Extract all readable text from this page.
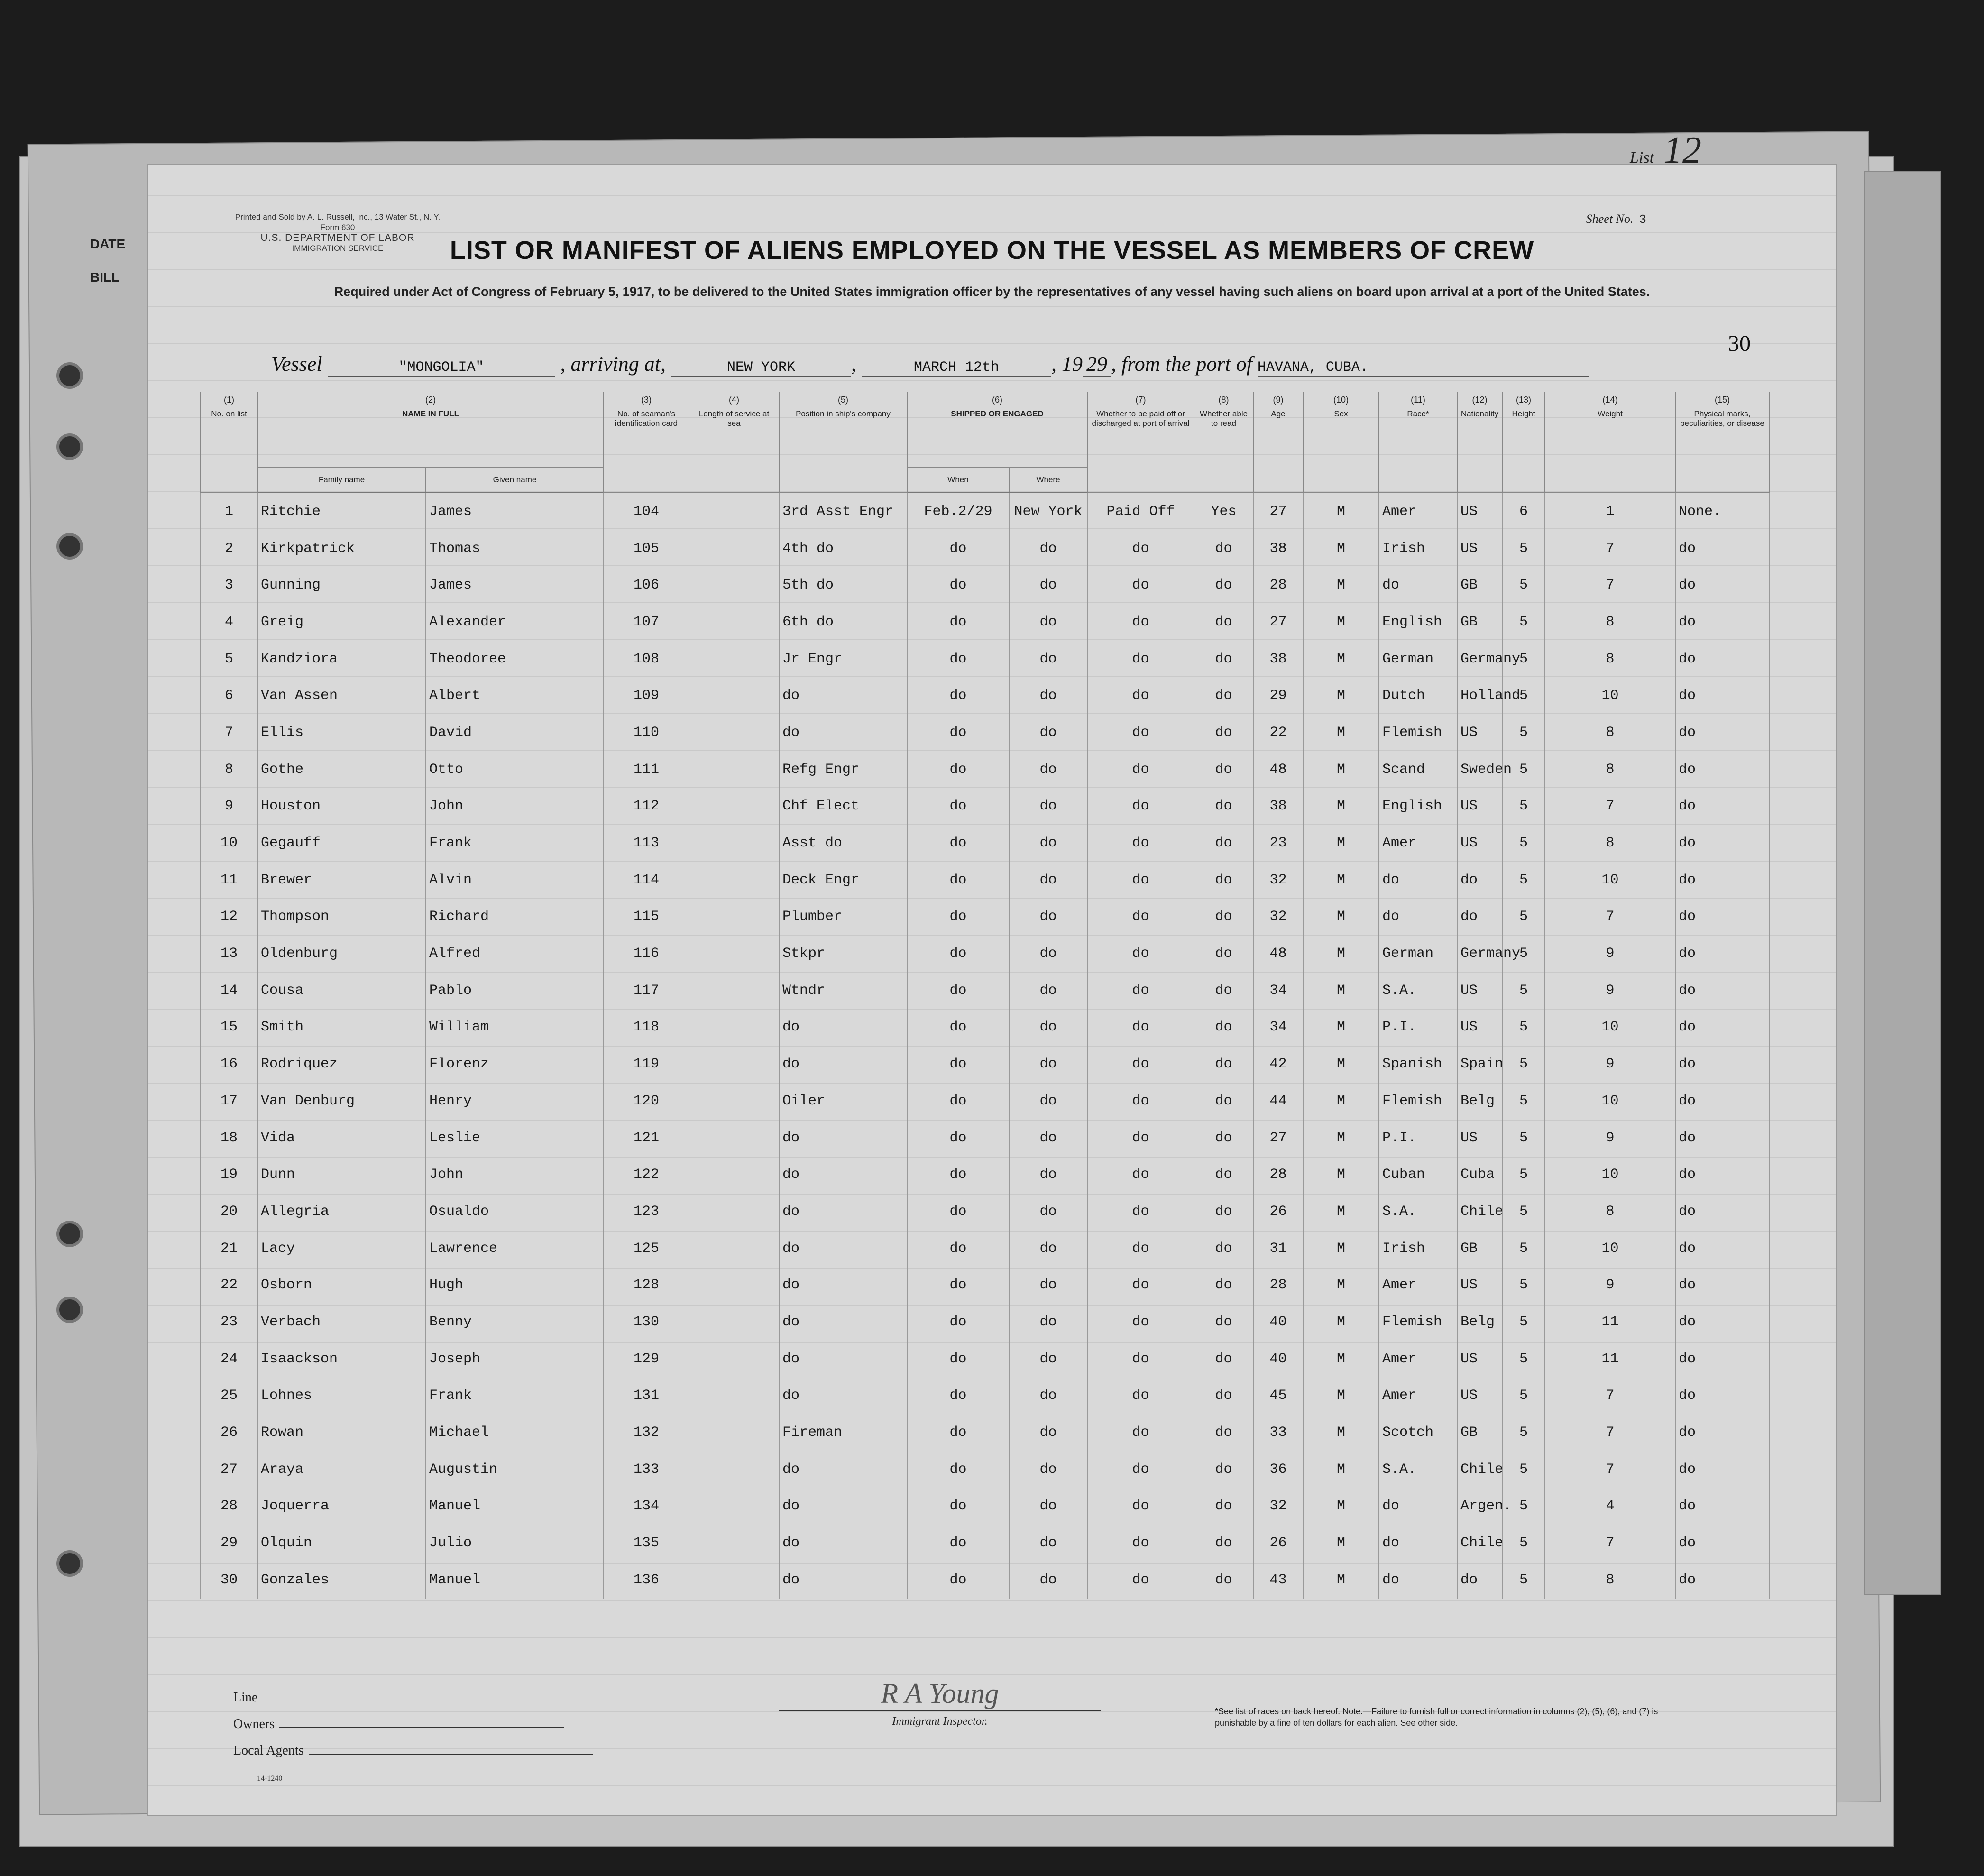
DATE
BILL
List 12
Printed and Sold by A. L. Russell, Inc., 13 Water St., N. Y.
Form 630
U.S. DEPARTMENT OF LABOR
IMMIGRATION SERVICE
Sheet No. 3
LIST OR MANIFEST OF ALIENS EMPLOYED ON THE VESSEL AS MEMBERS OF CREW
Required under Act of Congress of February 5, 1917, to be delivered to the United States immigration officer by the representatives of any vessel having such aliens on board upon arrival at a port of the United States.
30
Vessel	"MONGOLIA"	, arriving at,	NEW YORK	,	MARCH 12th , 19 29 , from the port of HAVANA, CUBA.
(1)
No. on list	(2)
NAME IN FULL		(3)
No. of seaman's identification card	(4)
Length of service at sea	(5)
Position in ship's company	(6)
SHIPPED OR ENGAGED		(7)
Whether to be paid off or discharged at port of arrival	(8)
Whether able to read	(9)
Age	(10)
Sex	(11)
Race*	(12)
Nationality	(13)
Height	(14)
Weight	(15)
Physical marks, peculiarities, or disease
	Family name	Given name				When	Where									
1	Ritchie	James	104		3rd Asst Engr	Feb.2/29	New York	Paid Off	Yes	27	M	Amer	US	6	1	None.
2	Kirkpatrick	Thomas	105		4th do	do	do	do	do	38	M	Irish	US	5	7	do
3	Gunning	James	106		5th do	do	do	do	do	28	M	do	GB	5	7	do
4	Greig	Alexander	107		6th do	do	do	do	do	27	M	English	GB	5	8	do
5	Kandziora	Theodoree	108		Jr Engr	do	do	do	do	38	M	German	Germany	5	8	do
6	Van Assen	Albert	109		do	do	do	do	do	29	M	Dutch	Holland	5	10	do
7	Ellis	David	110		do	do	do	do	do	22	M	Flemish	US	5	8	do
8	Gothe	Otto	111		Refg Engr	do	do	do	do	48	M	Scand	Sweden	5	8	do
9	Houston	John	112		Chf Elect	do	do	do	do	38	M	English	US	5	7	do
10	Gegauff	Frank	113		Asst do	do	do	do	do	23	M	Amer	US	5	8	do
11	Brewer	Alvin	114		Deck Engr	do	do	do	do	32	M	do	do	5	10	do
12	Thompson	Richard	115		Plumber	do	do	do	do	32	M	do	do	5	7	do
13	Oldenburg	Alfred	116		Stkpr	do	do	do	do	48	M	German	Germany	5	9	do
14	Cousa	Pablo	117		Wtndr	do	do	do	do	34	M	S.A.	US	5	9	do
15	Smith	William	118		do	do	do	do	do	34	M	P.I.	US	5	10	do
16	Rodriquez	Florenz	119		do	do	do	do	do	42	M	Spanish	Spain	5	9	do
17	Van Denburg	Henry	120		Oiler	do	do	do	do	44	M	Flemish	Belg	5	10	do
18	Vida	Leslie	121		do	do	do	do	do	27	M	P.I.	US	5	9	do
19	Dunn	John	122		do	do	do	do	do	28	M	Cuban	Cuba	5	10	do
20	Allegria	Osualdo	123		do	do	do	do	do	26	M	S.A.	Chile	5	8	do
21	Lacy	Lawrence	125		do	do	do	do	do	31	M	Irish	GB	5	10	do
22	Osborn	Hugh	128		do	do	do	do	do	28	M	Amer	US	5	9	do
23	Verbach	Benny	130		do	do	do	do	do	40	M	Flemish	Belg	5	11	do
24	Isaackson	Joseph	129		do	do	do	do	do	40	M	Amer	US	5	11	do
25	Lohnes	Frank	131		do	do	do	do	do	45	M	Amer	US	5	7	do
26	Rowan	Michael	132		Fireman	do	do	do	do	33	M	Scotch	GB	5	7	do
27	Araya	Augustin	133		do	do	do	do	do	36	M	S.A.	Chile	5	7	do
28	Joquerra	Manuel	134		do	do	do	do	do	32	M	do	Argen.	5	4	do
29	Olquin	Julio	135		do	do	do	do	do	26	M	do	Chile	5	7	do
30	Gonzales	Manuel	136		do	do	do	do	do	43	M	do	do	5	8	do
Line
Owners
Local Agents
14-1240
R A Young
Immigrant Inspector.
*See list of races on back hereof. Note.—Failure to furnish full or correct information in columns (2), (5), (6), and (7) is punishable by a fine of ten dollars for each alien. See other side.
